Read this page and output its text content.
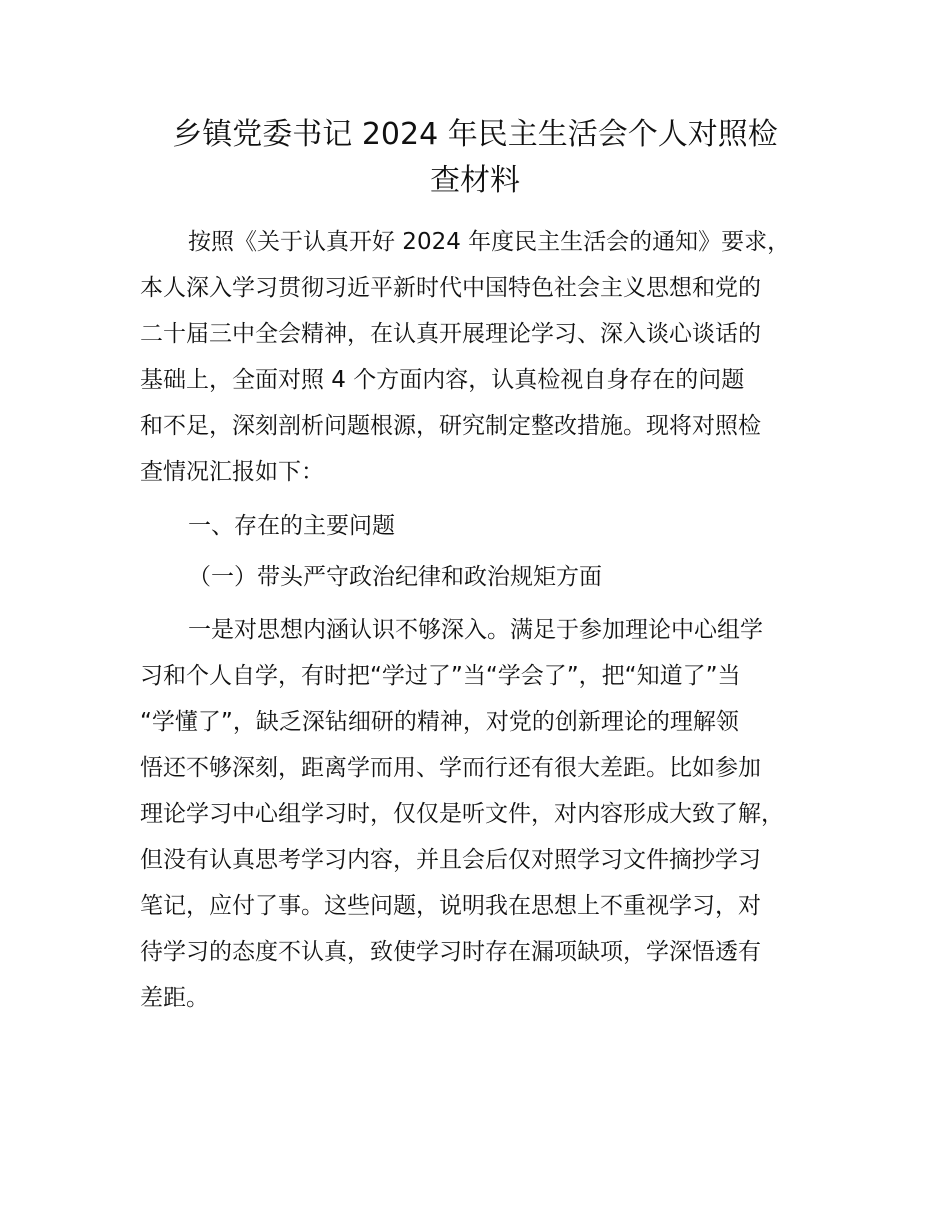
乡镇党委书记 2024 年民主生活会个人对照检
查材料
按照《关于认真开好 2024 年度民主生活会的通知》要求，
本人深入学习贯彻习近平新时代中国特色社会主义思想和党的
二十届三中全会精神，在认真开展理论学习、深入谈心谈话的
基础上，全面对照 4 个方面内容，认真检视自身存在的问题
和不足，深刻剖析问题根源，研究制定整改措施。现将对照检
查情况汇报如下：
一、存在的主要问题
（一）带头严守政治纪律和政治规矩方面
一是对思想内涵认识不够深入。满足于参加理论中心组学
习和个人自学，有时把“学过了”当“学会了”，把“知道了”当
“学懂了”，缺乏深钻细研的精神，对党的创新理论的理解领
悟还不够深刻，距离学而用、学而行还有很大差距。比如参加
理论学习中心组学习时，仅仅是听文件，对内容形成大致了解，
但没有认真思考学习内容，并且会后仅对照学习文件摘抄学习
笔记，应付了事。这些问题，说明我在思想上不重视学习，对
待学习的态度不认真，致使学习时存在漏项缺项，学深悟透有
差距。
